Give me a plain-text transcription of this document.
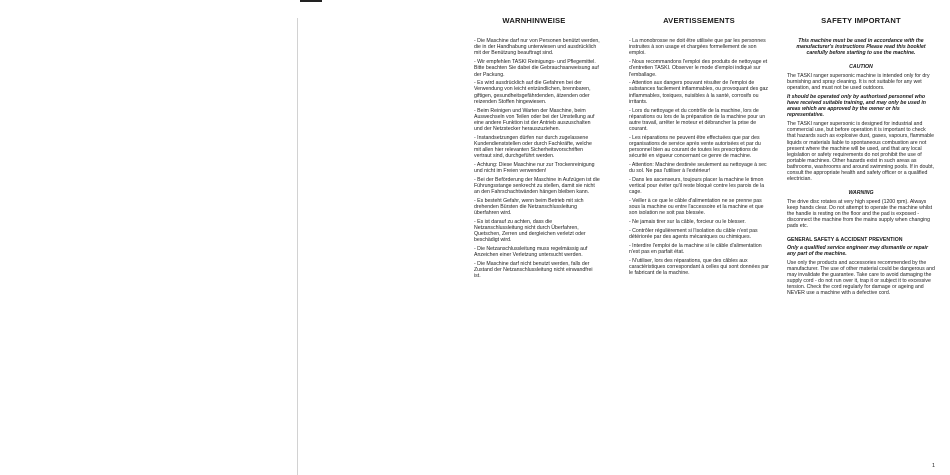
WARNHINWEISE

- Die Maschine darf nur von Personen benützt werden, die in der Handhabung unterwiesen und ausdrücklich mit der Benützung beauftragt sind.

- Wir empfehlen TASKI Reinigungs- und Pflegemittel. Bitte beachten Sie dabei die Gebrauchsanweisung auf der Packung.

- Es wird ausdrücklich auf die Gefahren bei der Verwendung von leicht entzündlichen, brennbaren, giftigen, gesundheitsgefährdenden, ätzenden oder reizenden Stoffen hingewiesen.

- Beim Reinigen und Warten der Maschine, beim Auswechseln von Teilen oder bei der Umstellung auf eine andere Funktion ist der Antrieb auszuschalten und der Netzstecker herauszuziehen.

- Instandsetzungen dürfen nur durch zugelassene Kundendienststellen oder durch Fachkräfte, welche mit allen hier relevanten Sicherheitsvorschriften vertraut sind, durchgeführt werden.

- Achtung: Diese Maschine nur zur Trockenreinigung und nicht im Freien verwenden!

- Bei der Beförderung der Maschine in Aufzügen ist die Führungsstange senkrecht zu stellen, damit sie nicht an den Fahrschachtwänden hängen bleiben kann.

- Es besteht Gefahr, wenn beim Betrieb mit sich drehenden Bürsten die Netzanschlussleitung überfahren wird.

- Es ist darauf zu achten, dass die Netzanschlussleitung nicht durch Überfahren, Quetschen, Zerren und dergleichen verletzt oder beschädigt wird.

- Die Netzanschlussleitung muss regelmässig auf Anzeichen einer Verletzung untersucht werden.

- Die Maschine darf nicht benutzt werden, falls der Zustand der Netzanschlussleitung nicht einwandfrei ist.

AVERTISSEMENTS

- La monobrosse ne doit être utilisée que par les personnes instruites à son usage et chargées formellement de son emploi.

- Nous recommandons l'emploi des produits de nettoyage et d'entretien TASKI. Observer le mode d'emploi indiqué sur l'emballage.

- Attention aux dangers pouvant résulter de l'emploi de substances facilement inflammables, ou provoquant des gaz inflammables, toxiques, nuisibles à la santé, corrosifs ou irritants.

- Lors du nettoyage et du contrôle de la machine, lors de réparations ou lors de la préparation de la machine pour un autre travail, arrêter le moteur et débrancher la prise de courant.

- Les réparations ne peuvent être effectuées que par des organisations de service après vente autorisées et par du personnel bien au courant de toutes les prescriptions de sécurité en vigueur concernant ce genre de machine.

- Attention: Machine destinée seulement au nettoyage à sec du sol. Ne pas l'utiliser à l'extérieur!

- Dans les ascenseurs, toujours placer la machine le timon vertical pour éviter qu'il reste bloqué contre les parois de la cage.

- Veiller à ce que le câble d'alimentation ne se prenne pas sous la machine ou entre l'accessoire et la machine et que son isolation ne soit pas blessée.

- Ne jamais tirer sur la câble, forcieur ou le blesser.

- Contrôler régulièrement si l'isolation du câble n'est pas détériorée par des agents mécaniques ou chimiques.

- Interdire l'emploi de la machine si le câble d'alimentation n'est pas en parfait état.

- N'utiliser, lors des réparations, que des câbles aux caractéristiques correspondant à celles qui sont données par le fabricant de la machine.

SAFETY IMPORTANT

This machine must be used in accordance with the manufacturer's instructions Please read this booklet carefully before starting to use the machine.

CAUTION

The TASKI ranger supersonic machine is intended only for dry burnishing and spray cleaning. It is not suitable for any wet operation, and must not be used outdoors.

It should be operated only by authorised personnel who have received suitable training, and may only be used in areas which are approved by the owner or his representative.

The TASKI ranger supersonic is designed for industrial and commercial use, but before operation it is important to check that hazards such as explosive dust, gases, vapours, flammable liquids or materials liable to spontaneous combustion are not present where the machine will be used, and that any local legislation or safety requirements do not prohibit the use of portable machines. Other hazards exist in such areas as bathrooms, washrooms and around swimming pools. If in doubt, consult the appropriate health and safety officer or a qualified electrician.

WARNING

The drive disc rotates at very high speed (1200 rpm). Always keep hands clear. Do not attempt to operate the machine whilst the handle is resting on the floor and the pad is exposed - disconnect the machine from the mains supply when changing pads etc.

GENERAL SAFETY & ACCIDENT PREVENTION

Only a qualified service engineer may dismantle or repair any part of the machine.

Use only the products and accessories recommended by the manufacturer. The use of other material could be dangerous and may invalidate the guarantee. Take care to avoid damaging the supply cord - do not run over it, trap it or subject it to excessive tension. Check the cord regularly for damage or ageing and NEVER use a machine with a defective cord.

1
